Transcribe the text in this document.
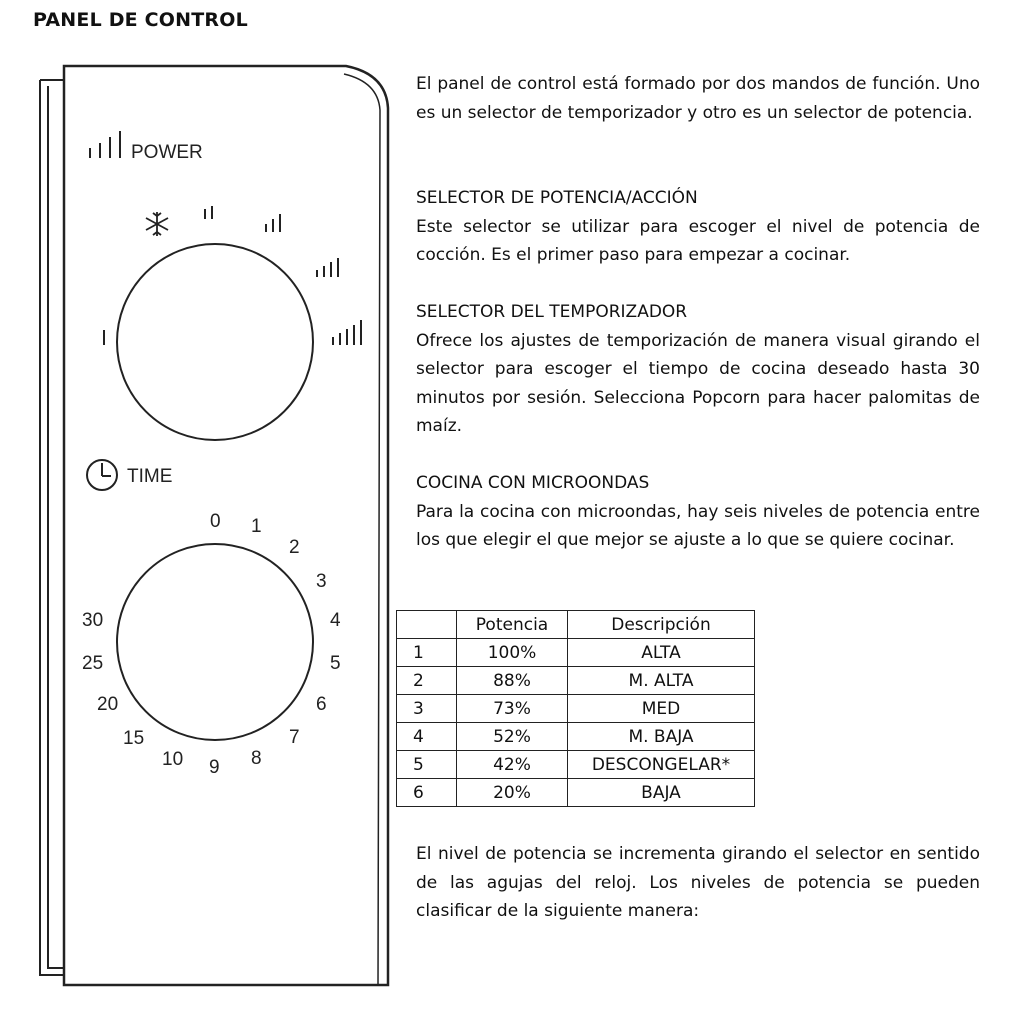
PANEL DE CONTROL
POWER
TIME
0 1
2
3
4
5
6
7
8
9
10
15
20
25
30

El panel de control está formado por dos mandos de función. Uno es un selector de temporizador y otro es un selector de potencia.

SELECTOR DE POTENCIA/ACCIÓN

Este selector se utilizar para escoger el nivel de potencia de cocción. Es el primer paso para empezar a cocinar.

SELECTOR DEL TEMPORIZADOR

Ofrece los ajustes de temporización de manera visual girando el selector para escoger el tiempo de cocina deseado hasta 30 minutos por sesión. Selecciona Popcorn para hacer palomitas de maíz.

COCINA CON MICROONDAS

Para la cocina con microondas, hay seis niveles de potencia entre los que elegir el que mejor se ajuste a lo que se quiere cocinar.

	Potencia	Descripción
1	100%	ALTA
2	88%	M. ALTA
3	73%	MED
4	52%	M. BAJA
5	42%	DESCONGELAR*
6	20%	BAJA

El nivel de potencia se incrementa girando el selector en sentido de las agujas del reloj. Los niveles de potencia se pueden clasificar de la siguiente manera:
